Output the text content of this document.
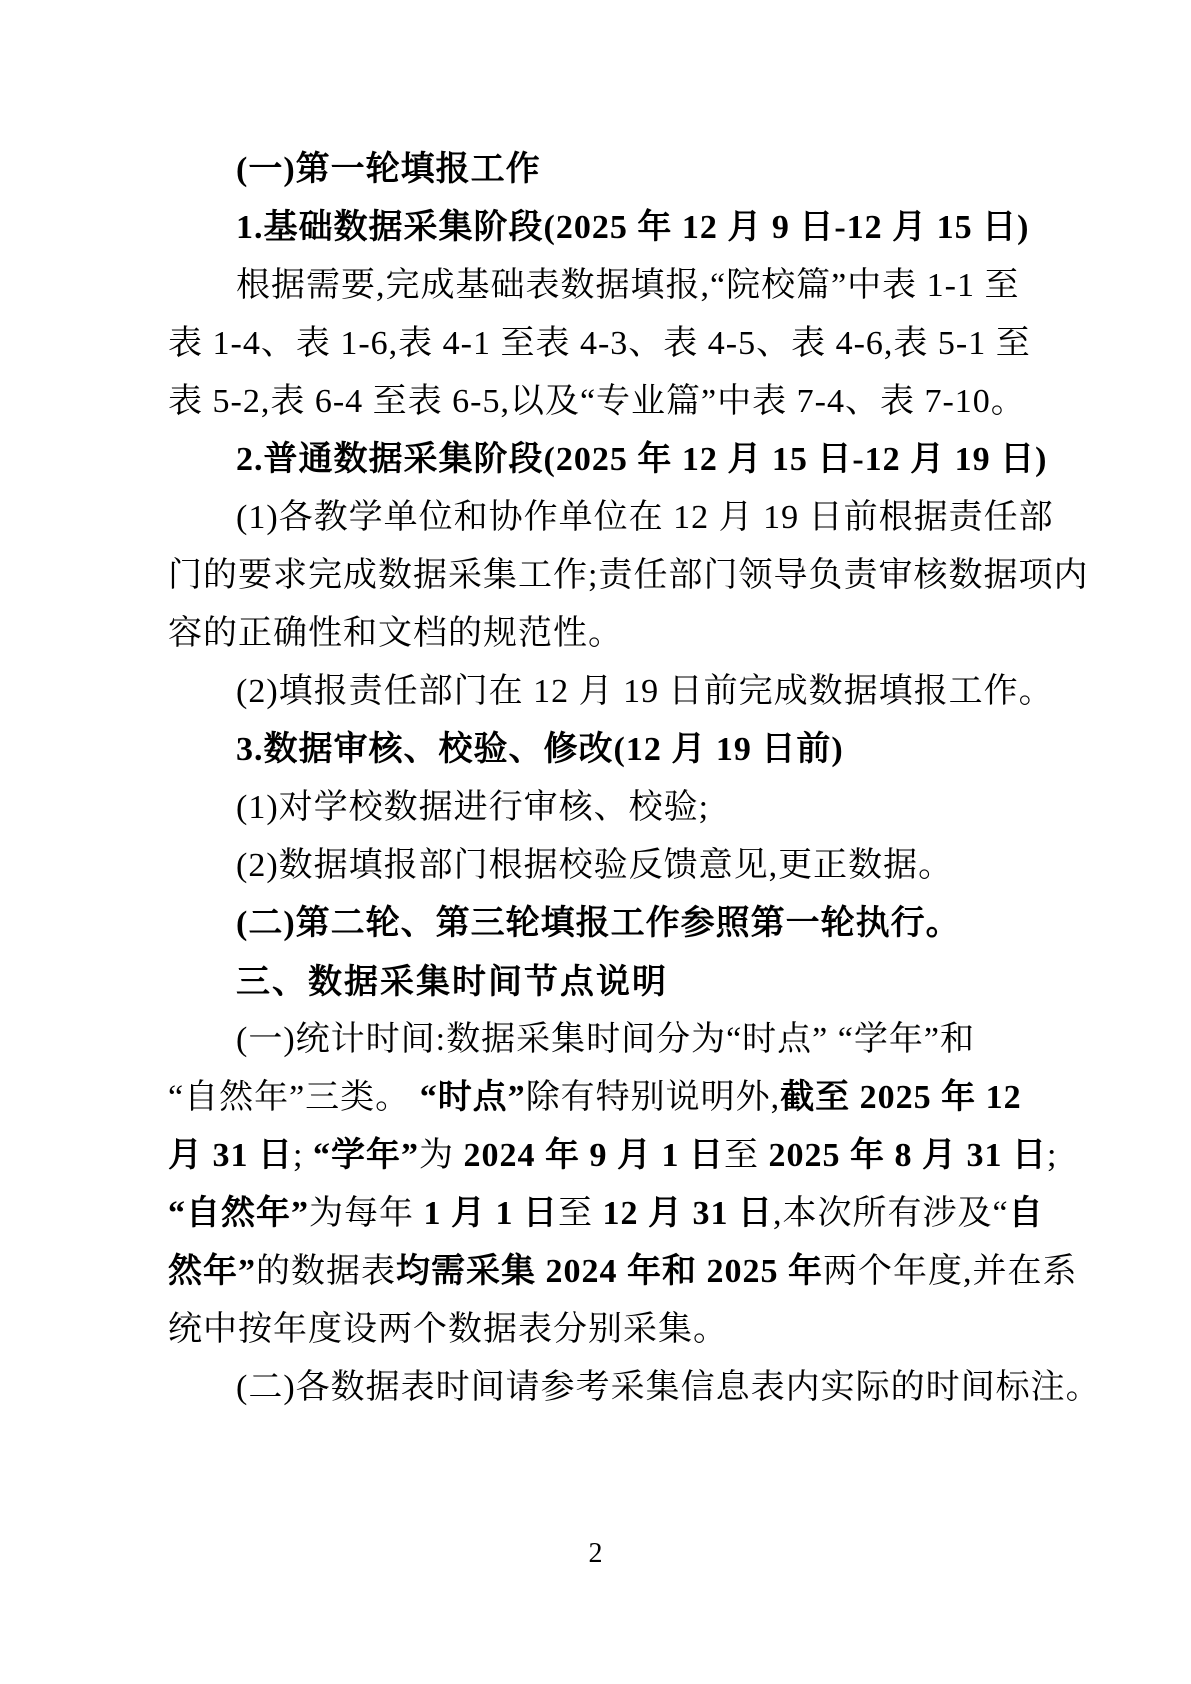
(一)第一轮填报工作
1.基础数据采集阶段(2025 年 12 月 9 日-12 月 15 日)
根据需要,完成基础表数据填报,“院校篇”中表 1-1 至
表 1-4、表 1-6,表 4-1 至表 4-3、表 4-5、表 4-6,表 5-1 至
表 5-2,表 6-4 至表 6-5,以及“专业篇”中表 7-4、表 7-10。
2.普通数据采集阶段(2025 年 12 月 15 日-12 月 19 日)
(1)各教学单位和协作单位在 12 月 19 日前根据责任部
门的要求完成数据采集工作;责任部门领导负责审核数据项内
容的正确性和文档的规范性。
(2)填报责任部门在 12 月 19 日前完成数据填报工作。
3.数据审核、校验、修改(12 月 19 日前)
(1)对学校数据进行审核、校验;
(2)数据填报部门根据校验反馈意见,更正数据。
(二)第二轮、第三轮填报工作参照第一轮执行。
三、数据采集时间节点说明
(一)统计时间:数据采集时间分为“时点” “学年”和
“自然年”三类。 “时点”除有特别说明外,截至 2025 年 12
月 31 日; “学年”为 2024 年 9 月 1 日至 2025 年 8 月 31 日;
“自然年”为每年 1 月 1 日至 12 月 31 日,本次所有涉及“自
然年”的数据表均需采集 2024 年和 2025 年两个年度,并在系
统中按年度设两个数据表分别采集。
(二)各数据表时间请参考采集信息表内实际的时间标注。
2
